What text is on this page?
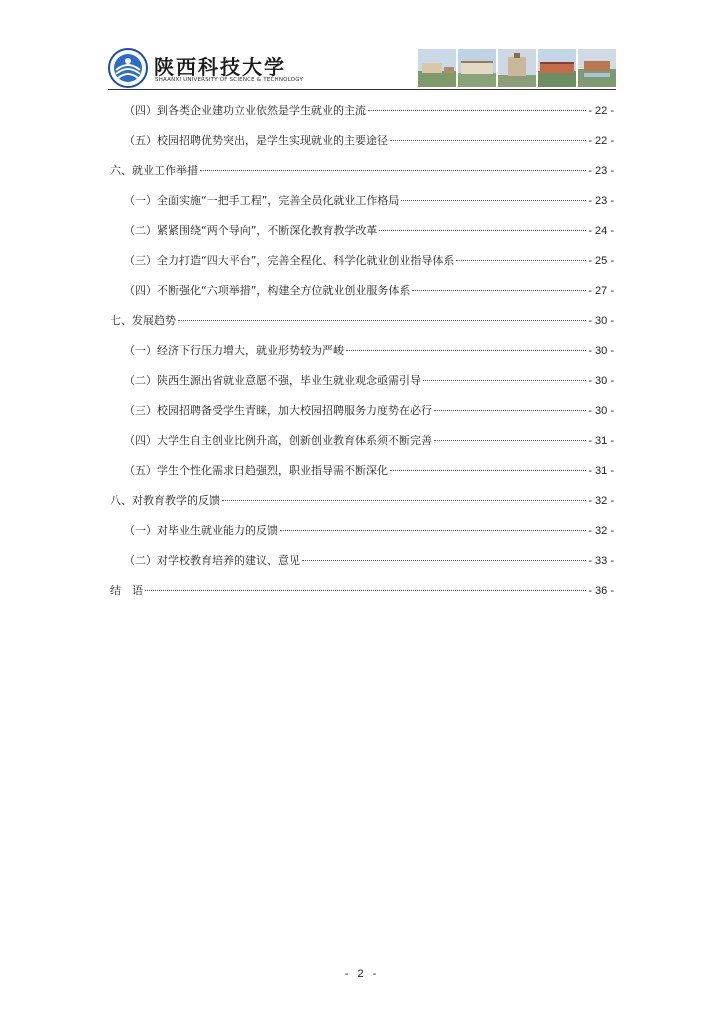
陕西科技大学
SHAANXI UNIVERSITY OF SCIENCE & TECHNOLOGY
（四）到各类企业建功立业依然是学生就业的主流	- 22 -
（五）校园招聘优势突出，是学生实现就业的主要途径	- 22 -
六、就业工作举措	- 23 -
（一）全面实施“一把手工程”，完善全员化就业工作格局	- 23 -
（二）紧紧围绕“两个导向”，不断深化教育教学改革	- 24 -
（三）全力打造“四大平台”，完善全程化、科学化就业创业指导体系	- 25 -
（四）不断强化“六项举措”，构建全方位就业创业服务体系	- 27 -
七、发展趋势	- 30 -
（一）经济下行压力增大，就业形势较为严峻	- 30 -
（二）陕西生源出省就业意愿不强，毕业生就业观念亟需引导	- 30 -
（三）校园招聘备受学生青睐，加大校园招聘服务力度势在必行	- 30 -
（四）大学生自主创业比例升高，创新创业教育体系须不断完善	- 31 -
（五）学生个性化需求日趋强烈，职业指导需不断深化	- 31 -
八、对教育教学的反馈	- 32 -
（一）对毕业生就业能力的反馈	- 32 -
（二）对学校教育培养的建议、意见	- 33 -
结　语	- 36 -
- 2 -
